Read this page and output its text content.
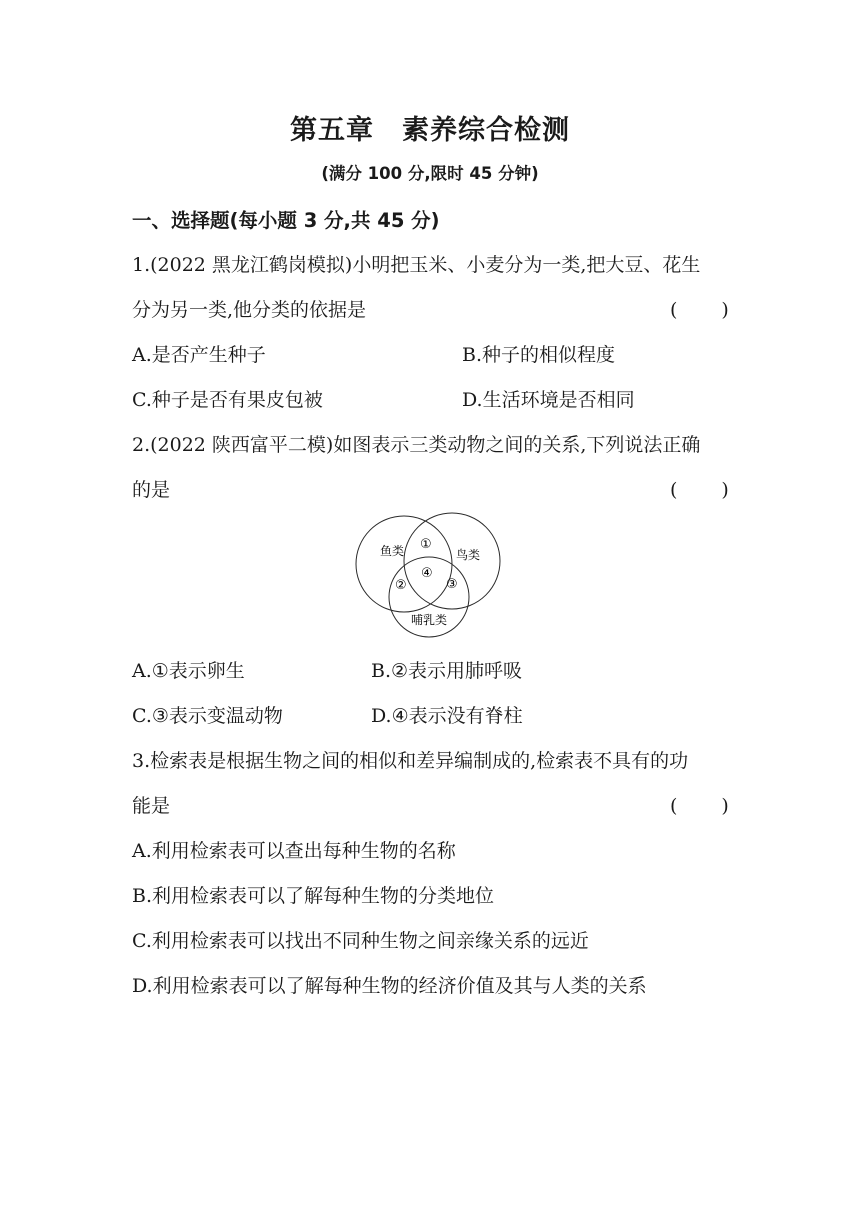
第五章　素养综合检测
(满分 100 分,限时 45 分钟)
一、选择题(每小题 3 分,共 45 分)
1.(2022 黑龙江鹤岗模拟)小明把玉米、小麦分为一类,把大豆、花生
分为另一类,他分类的依据是	(　　)
A.是否产生种子	B.种子的相似程度
C.种子是否有果皮包被	D.生活环境是否相同
2.(2022 陕西富平二模)如图表示三类动物之间的关系,下列说法正确
的是	(　　)
鱼类	鸟类
哺乳类
①
②	③
④
A.①表示卵生	B.②表示用肺呼吸
C.③表示变温动物	D.④表示没有脊柱
3.检索表是根据生物之间的相似和差异编制成的,检索表不具有的功
能是	(　　)
A.利用检索表可以查出每种生物的名称
B.利用检索表可以了解每种生物的分类地位
C.利用检索表可以找出不同种生物之间亲缘关系的远近
D.利用检索表可以了解每种生物的经济价值及其与人类的关系
